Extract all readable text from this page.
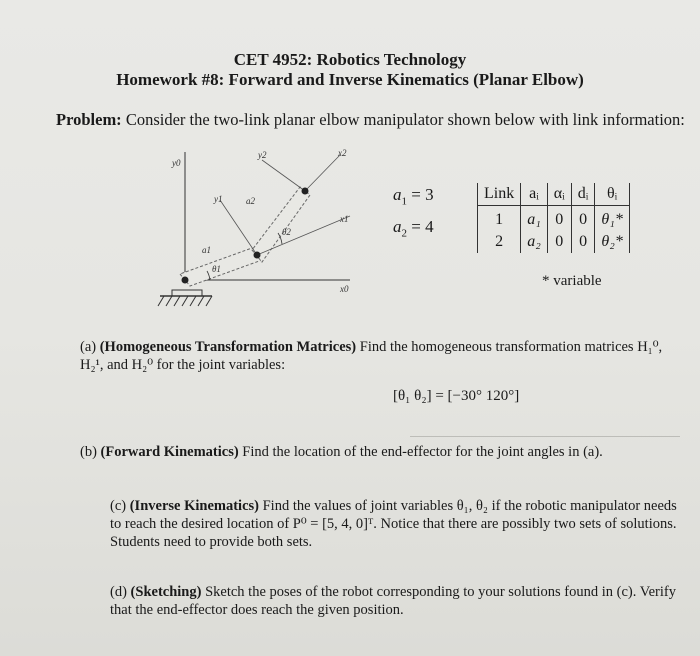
CET 4952: Robotics Technology
Homework #8: Forward and Inverse Kinematics (Planar Elbow)
Problem: Consider the two-link planar elbow manipulator shown below with link information:
y0
x0
y1
x1
y2	x2
a1
a2
θ1
θ2
$a_1 = 3$
$a_2 = 4$
Link	aᵢ	αᵢ	dᵢ	θᵢ
1	a₁	0	0	θ₁*
2	a₂	0	0	θ₂*
* variable
(a) (Homogeneous Transformation Matrices) Find the homogeneous transformation matrices H₁⁰, H₂¹, and H₂⁰ for the joint variables:
[θ₁ θ₂] = [−30° 120°]
(b) (Forward Kinematics) Find the location of the end-effector for the joint angles in (a).
(c) (Inverse Kinematics) Find the values of joint variables θ₁, θ₂ if the robotic manipulator needs to reach the desired location of P⁰ = [5, 4, 0]ᵀ. Notice that there are possibly two sets of solutions. Students need to provide both sets.
(d) (Sketching) Sketch the poses of the robot corresponding to your solutions found in (c). Verify that the end-effector does reach the given position.
